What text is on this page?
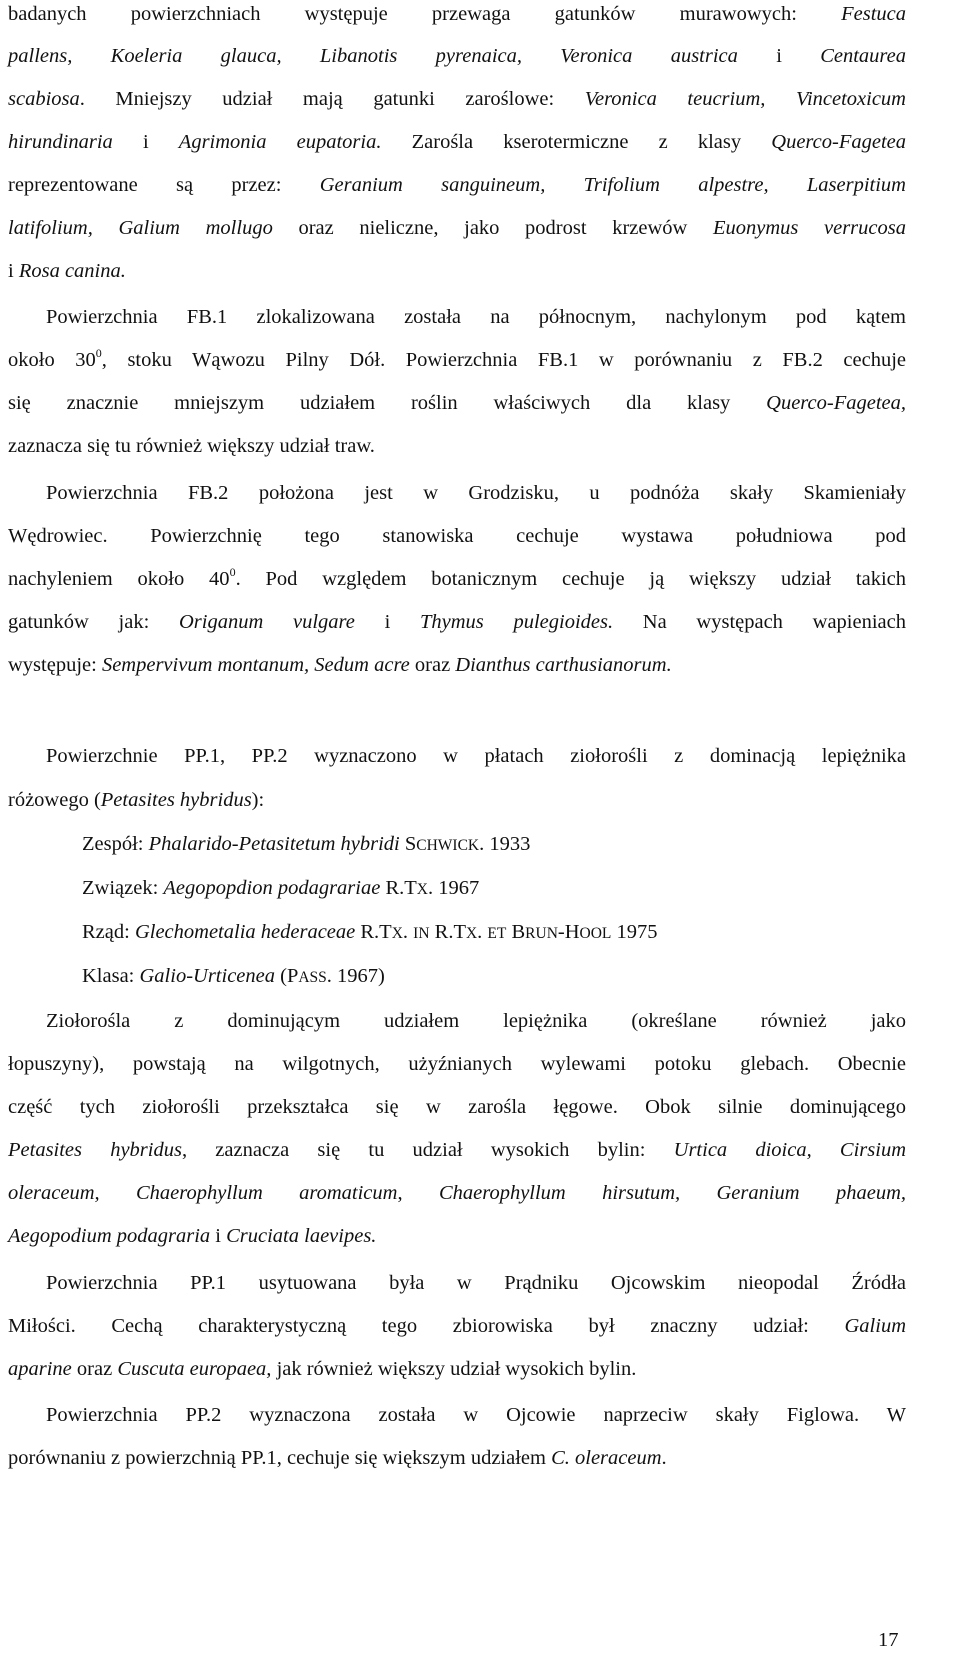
badanych powierzchniach występuje przewaga gatunków murawowych: Festuca
pallens, Koeleria glauca, Libanotis pyrenaica, Veronica austrica i Centaurea
scabiosa. Mniejszy udział mają gatunki zaroślowe: Veronica teucrium, Vincetoxicum
hirundinaria i Agrimonia eupatoria. Zarośla kserotermiczne z klasy Querco-Fagetea
reprezentowane są przez: Geranium sanguineum, Trifolium alpestre, Laserpitium
latifolium, Galium mollugo oraz nieliczne, jako podrost krzewów Euonymus verrucosa
i Rosa canina.
Powierzchnia FB.1 zlokalizowana została na północnym, nachylonym pod kątem
około $30^0$, stoku Wąwozu Pilny Dół. Powierzchnia FB.1 w porównaniu z FB.2 cechuje
się znacznie mniejszym udziałem roślin właściwych dla klasy Querco-Fagetea,
zaznacza się tu również większy udział traw.
Powierzchnia FB.2 położona jest w Grodzisku, u podnóża skały Skamieniały
Wędrowiec. Powierzchnię tego stanowiska cechuje wystawa południowa pod
nachyleniem około $40^0$. Pod względem botanicznym cechuje ją większy udział takich
gatunków jak: Origanum vulgare i Thymus pulegioides. Na występach wapieniach
występuje: Sempervivum montanum, Sedum acre oraz Dianthus carthusianorum.
Powierzchnie PP.1, PP.2 wyznaczono w płatach ziołorośli z dominacją lepiężnika
różowego (Petasites hybridus):
Zespół: Phalarido-Petasitetum hybridi SCHWICK. 1933
Związek: Aegopopdion podagrariae R.TX. 1967
Rząd: Glechometalia hederaceae R.TX. IN R.TX. ET BRUN-HOOL 1975
Klasa: Galio-Urticenea (PASS. 1967)
Ziołorośla z dominującym udziałem lepiężnika (określane również jako
łopuszyny), powstają na wilgotnych, użyźnianych wylewami potoku glebach. Obecnie
część tych ziołorośli przekształca się w zarośla łęgowe. Obok silnie dominującego
Petasites hybridus, zaznacza się tu udział wysokich bylin: Urtica dioica, Cirsium
oleraceum, Chaerophyllum aromaticum, Chaerophyllum hirsutum, Geranium phaeum,
Aegopodium podagraria i Cruciata laevipes.
Powierzchnia PP.1 usytuowana była w Prądniku Ojcowskim nieopodal Źródła
Miłości. Cechą charakterystyczną tego zbiorowiska był znaczny udział: Galium
aparine oraz Cuscuta europaea, jak również większy udział wysokich bylin.
Powierzchnia PP.2 wyznaczona została w Ojcowie naprzeciw skały Figlowa. W
porównaniu z powierzchnią PP.1, cechuje się większym udziałem C. oleraceum.
17
